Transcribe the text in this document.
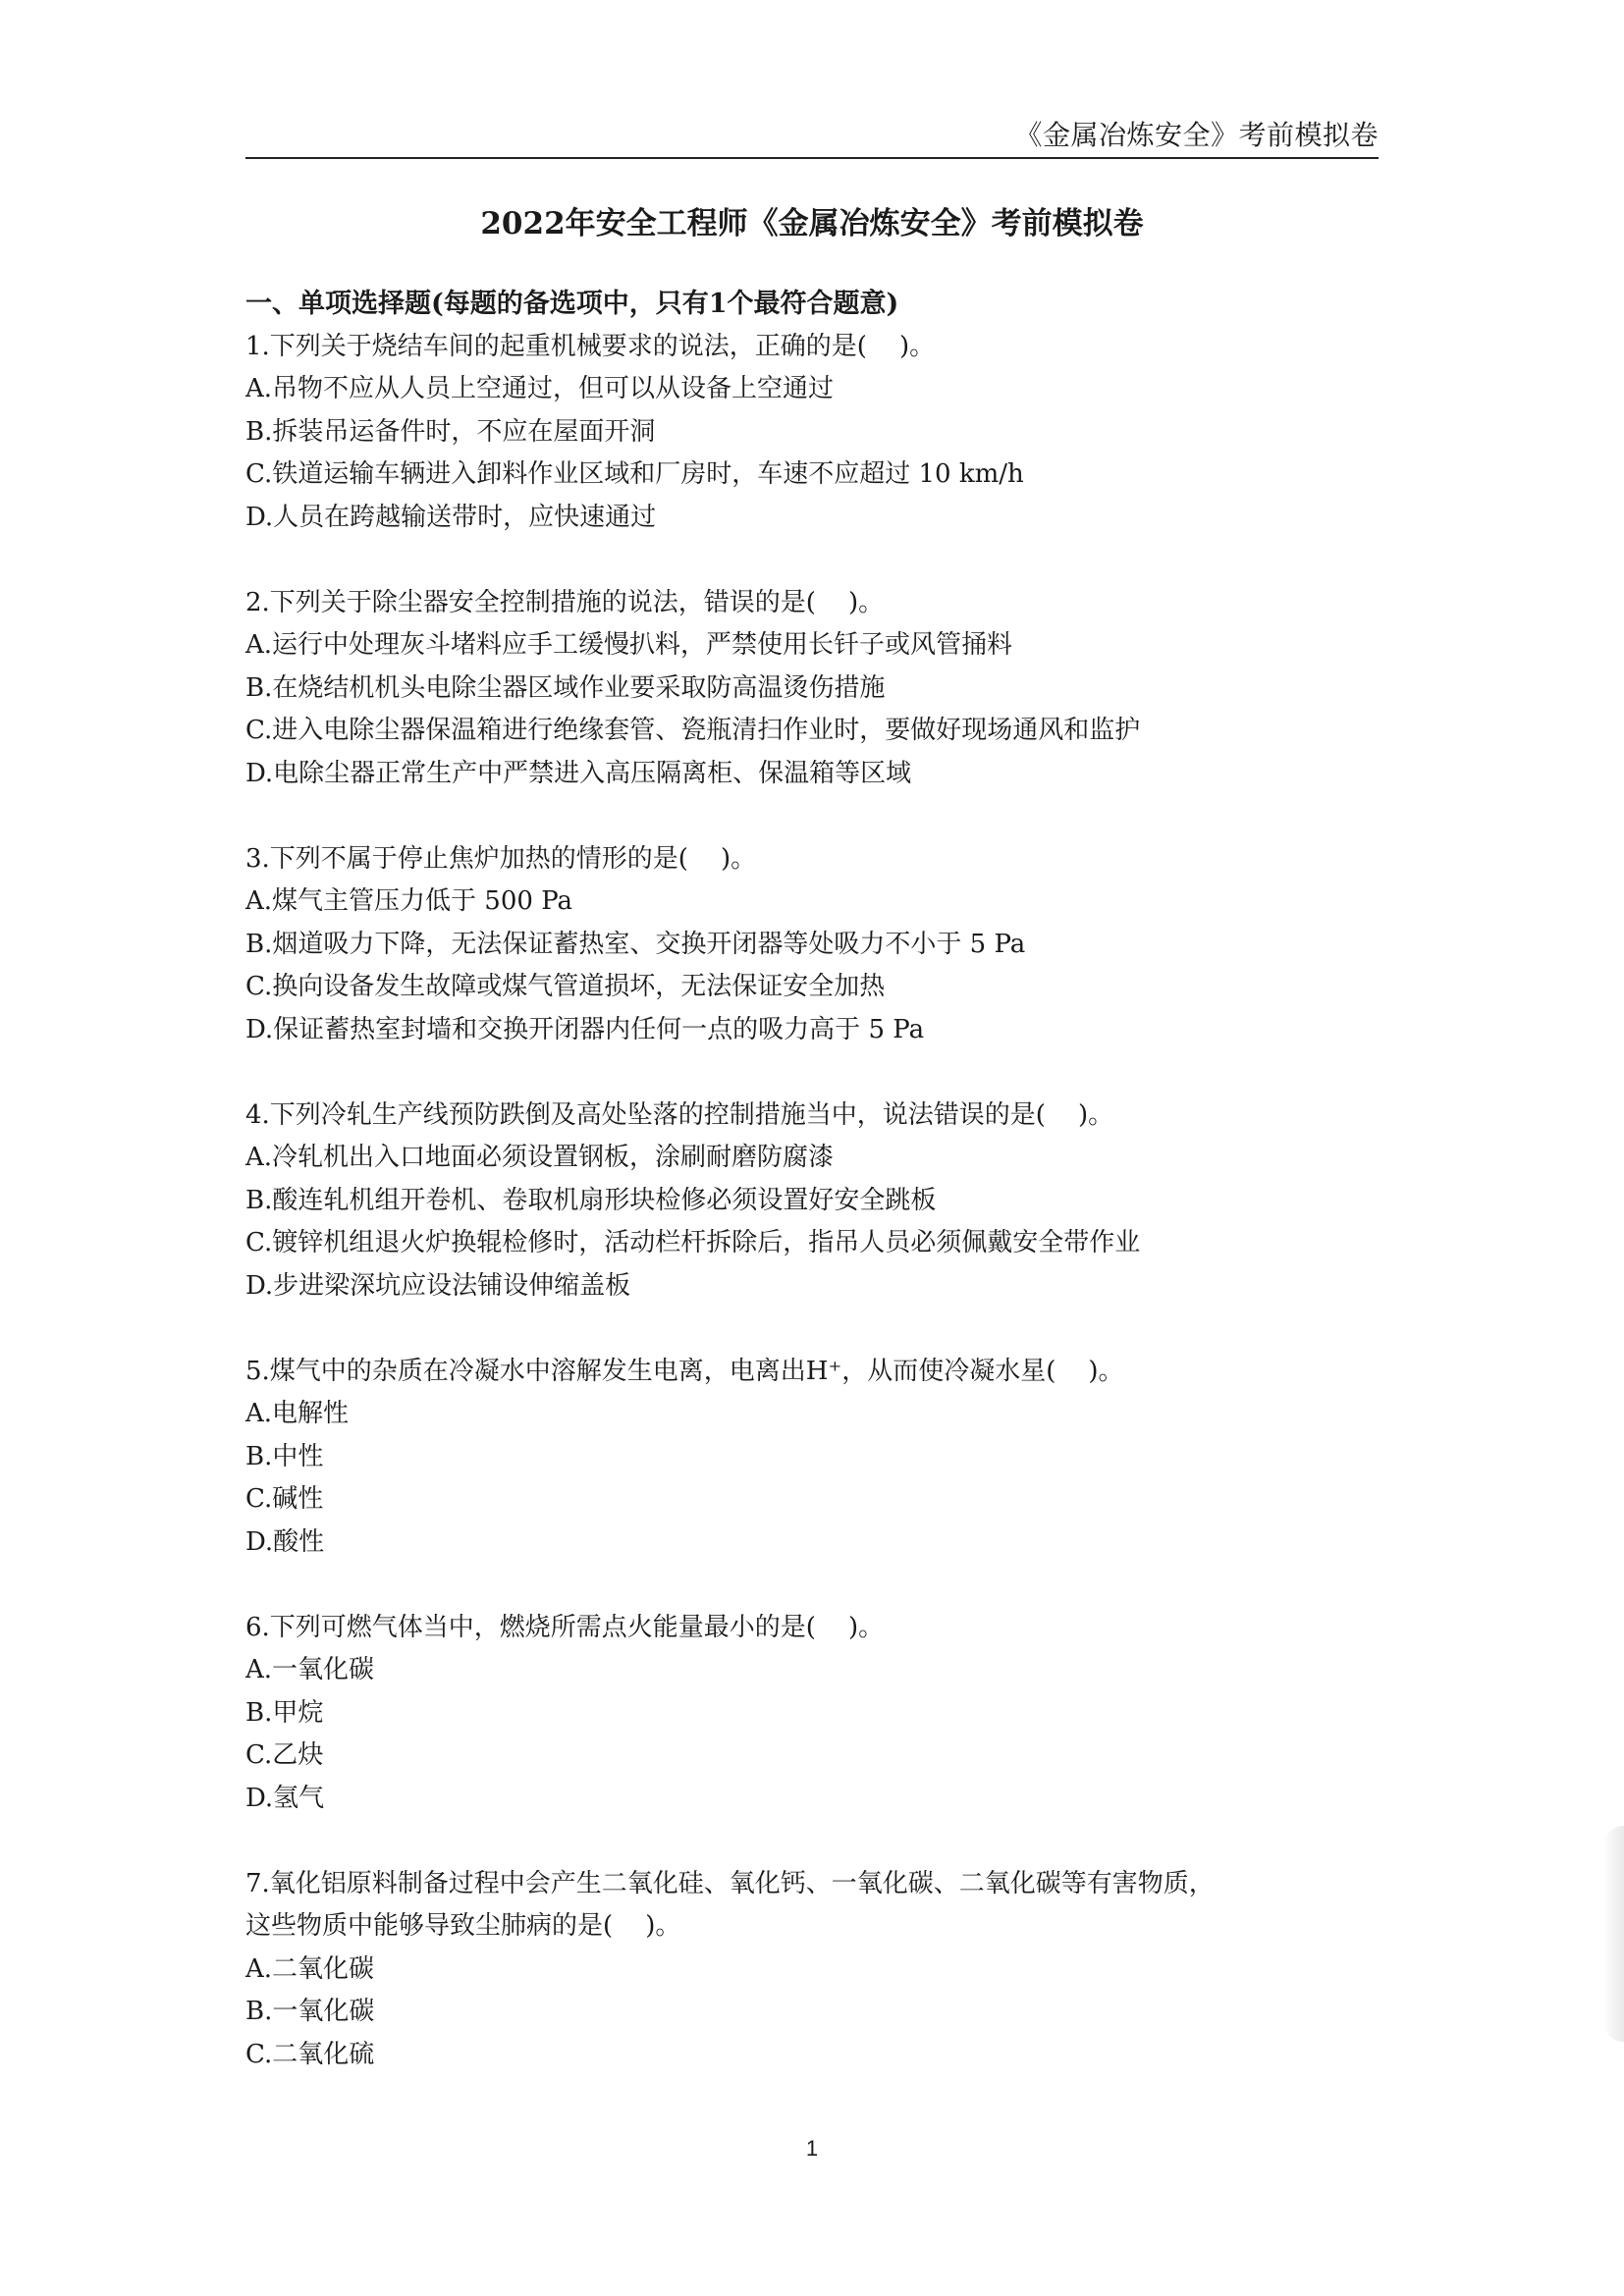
《金属冶炼安全》考前模拟卷
2022年安全工程师《金属冶炼安全》考前模拟卷
一、单项选择题(每题的备选项中，只有1个最符合题意)
1.下列关于烧结车间的起重机械要求的说法，正确的是(    )。
A.吊物不应从人员上空通过，但可以从设备上空通过
B.拆装吊运备件时，不应在屋面开洞
C.铁道运输车辆进入卸料作业区域和厂房时，车速不应超过 10 km/h
D.人员在跨越输送带时，应快速通过
2.下列关于除尘器安全控制措施的说法，错误的是(    )。
A.运行中处理灰斗堵料应手工缓慢扒料，严禁使用长钎子或风管捅料
B.在烧结机机头电除尘器区域作业要采取防高温烫伤措施
C.进入电除尘器保温箱进行绝缘套管、瓷瓶清扫作业时，要做好现场通风和监护
D.电除尘器正常生产中严禁进入高压隔离柜、保温箱等区域
3.下列不属于停止焦炉加热的情形的是(    )。
A.煤气主管压力低于 500 Pa
B.烟道吸力下降，无法保证蓄热室、交换开闭器等处吸力不小于 5 Pa
C.换向设备发生故障或煤气管道损坏，无法保证安全加热
D.保证蓄热室封墙和交换开闭器内任何一点的吸力高于 5 Pa
4.下列冷轧生产线预防跌倒及高处坠落的控制措施当中，说法错误的是(    )。
A.冷轧机出入口地面必须设置钢板，涂刷耐磨防腐漆
B.酸连轧机组开卷机、卷取机扇形块检修必须设置好安全跳板
C.镀锌机组退火炉换辊检修时，活动栏杆拆除后，指吊人员必须佩戴安全带作业
D.步进梁深坑应设法铺设伸缩盖板
5.煤气中的杂质在冷凝水中溶解发生电离，电离出H⁺，从而使冷凝水星(    )。
A.电解性
B.中性
C.碱性
D.酸性
6.下列可燃气体当中，燃烧所需点火能量最小的是(    )。
A.一氧化碳
B.甲烷
C.乙炔
D.氢气
7.氧化铝原料制备过程中会产生二氧化硅、氧化钙、一氧化碳、二氧化碳等有害物质，
这些物质中能够导致尘肺病的是(    )。
A.二氧化碳
B.一氧化碳
C.二氧化硫
1
